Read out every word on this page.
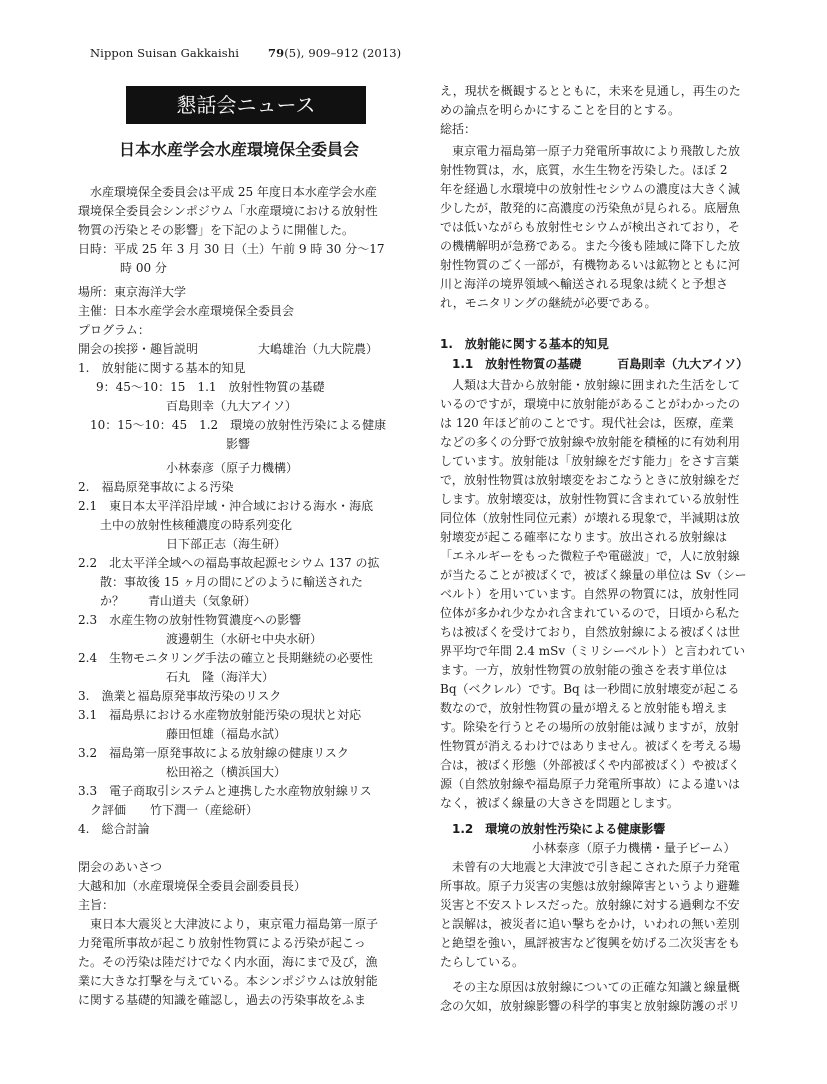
Nippon Suisan Gakkaishi	79(5), 909–912 (2013)
懇話会ニュース
日本水産学会水産環境保全委員会
水産環境保全委員会は平成 25 年度日本水産学会水産
環境保全委員会シンポジウム「水産環境における放射性
物質の汚染とその影響」を下記のように開催した。
日時：平成 25 年 3 月 30 日（土）午前 9 時 30 分～17
時 00 分
場所：東京海洋大学
主催：日本水産学会水産環境保全委員会
プログラム：
開会の挨拶・趣旨説明　　　　　大嶋雄治（九大院農）
1.　放射能に関する基本的知見
9：45～10：15　1.1　放射性物質の基礎
百島則幸（九大アイソ）
10：15～10：45　1.2　環境の放射性汚染による健康
影響
小林泰彦（原子力機構）
2.　福島原発事故による汚染
2.1　東日本太平洋沿岸域・沖合域における海水・海底
土中の放射性核種濃度の時系列変化
日下部正志（海生研）
2.2　北太平洋全域への福島事故起源セシウム 137 の拡
散：事故後 15 ヶ月の間にどのように輸送された
か？　　青山道夫（気象研）
2.3　水産生物の放射性物質濃度への影響
渡邊朝生（水研セ中央水研）
2.4　生物モニタリング手法の確立と長期継続の必要性
石丸　隆（海洋大）
3.　漁業と福島原発事故汚染のリスク
3.1　福島県における水産物放射能汚染の現状と対応
藤田恒雄（福島水試）
3.2　福島第一原発事故による放射線の健康リスク
松田裕之（横浜国大）
3.3　電子商取引システムと連携した水産物放射線リス
ク評価　　竹下潤一（産総研）
4.　総合討論
閉会のあいさつ
大越和加（水産環境保全委員会副委員長）
主旨：
東日本大震災と大津波により，東京電力福島第一原子
力発電所事故が起こり放射性物質による汚染が起こっ
た。その汚染は陸だけでなく内水面，海にまで及び，漁
業に大きな打撃を与えている。本シンポジウムは放射能
に関する基礎的知識を確認し，過去の汚染事故をふま
え，現状を概観するとともに，未来を見通し，再生のた
めの論点を明らかにすることを目的とする。
総括：
東京電力福島第一原子力発電所事故により飛散した放
射性物質は，水，底質，水生生物を汚染した。ほぼ 2
年を経過し水環境中の放射性セシウムの濃度は大きく減
少したが，散発的に高濃度の汚染魚が見られる。底層魚
では低いながらも放射性セシウムが検出されており，そ
の機構解明が急務である。また今後も陸域に降下した放
射性物質のごく一部が，有機物あるいは鉱物とともに河
川と海洋の境界領域へ輸送される現象は続くと予想さ
れ，モニタリングの継続が必要である。
1.　放射能に関する基本的知見
1.1　放射性物質の基礎　　　百島則幸（九大アイソ）
人類は大昔から放射能・放射線に囲まれた生活をして
いるのですが，環境中に放射能があることがわかったの
は 120 年ほど前のことです。現代社会は，医療，産業
などの多くの分野で放射線や放射能を積極的に有効利用
しています。放射能は「放射線をだす能力」をさす言葉
で，放射性物質は放射壊変をおこなうときに放射線をだ
します。放射壊変は，放射性物質に含まれている放射性
同位体（放射性同位元素）が壊れる現象で，半減期は放
射壊変が起こる確率になります。放出される放射線は
「エネルギーをもった微粒子や電磁波」で，人に放射線
が当たることが被ばくで，被ばく線量の単位は Sv（シー
ベルト）を用いています。自然界の物質には，放射性同
位体が多かれ少なかれ含まれているので，日頃から私た
ちは被ばくを受けており，自然放射線による被ばくは世
界平均で年間 2.4 mSv（ミリシーベルト）と言われてい
ます。一方，放射性物質の放射能の強さを表す単位は
Bq（ベクレル）です。Bq は一秒間に放射壊変が起こる
数なので，放射性物質の量が増えると放射能も増えま
す。除染を行うとその場所の放射能は減りますが，放射
性物質が消えるわけではありません。被ばくを考える場
合は，被ばく形態（外部被ばくや内部被ばく）や被ばく
源（自然放射線や福島原子力発電所事故）による違いは
なく，被ばく線量の大きさを問題とします。
1.2　環境の放射性汚染による健康影響
小林泰彦（原子力機構・量子ビーム）
未曾有の大地震と大津波で引き起こされた原子力発電
所事故。原子力災害の実態は放射線障害というより避難
災害と不安ストレスだった。放射線に対する過剰な不安
と誤解は，被災者に追い撃ちをかけ，いわれの無い差別
と絶望を強い，風評被害など復興を妨げる二次災害をも
たらしている。
その主な原因は放射線についての正確な知識と線量概
念の欠如，放射線影響の科学的事実と放射線防護のポリ
